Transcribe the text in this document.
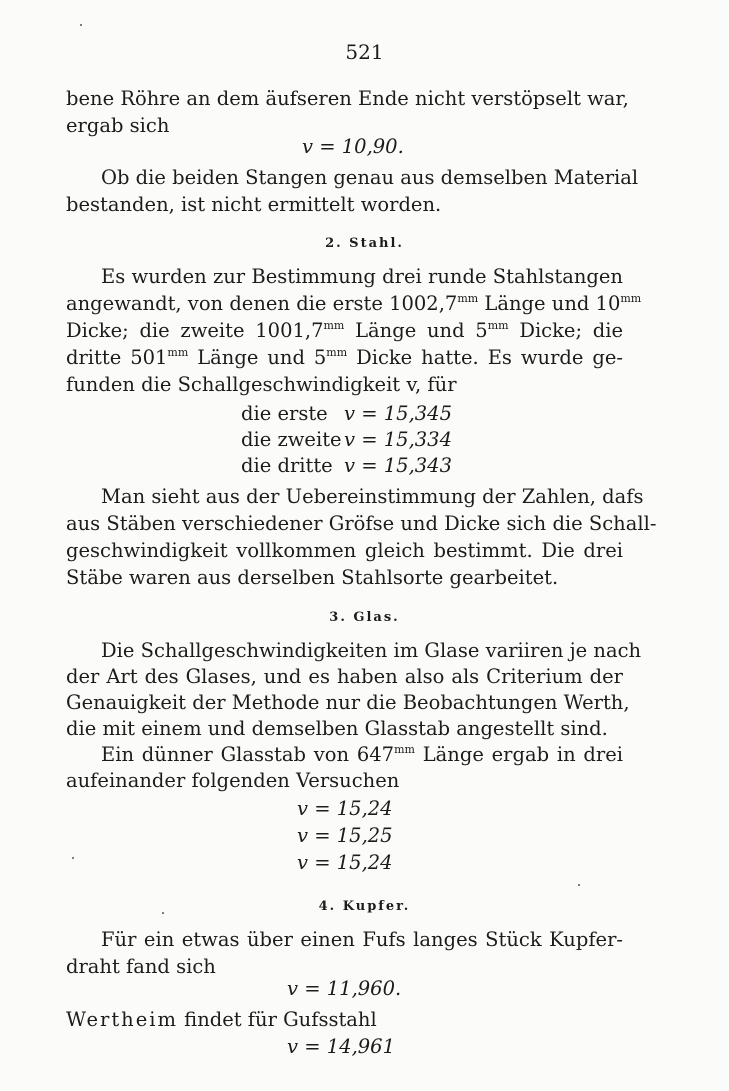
521
bene Röhre an dem äufseren Ende nicht verstöpselt war,
ergab sich
v = 10,90.
Ob die beiden Stangen genau aus demselben Material
bestanden, ist nicht ermittelt worden.
2. Stahl.
Es wurden zur Bestimmung drei runde Stahlstangen
angewandt, von denen die erste $1002,7^{mm}$ Länge und $10^{mm}$
Dicke; die zweite $1001,7^{mm}$ Länge und $5^{mm}$ Dicke; die
dritte $501^{mm}$ Länge und $5^{mm}$ Dicke hatte. Es wurde ge-
funden die Schallgeschwindigkeit v, für
die erste v = 15,345
die zweite v = 15,334
die dritte v = 15,343
Man sieht aus der Uebereinstimmung der Zahlen, dafs
aus Stäben verschiedener Gröfse und Dicke sich die Schall-
geschwindigkeit vollkommen gleich bestimmt. Die drei
Stäbe waren aus derselben Stahlsorte gearbeitet.
3. Glas.
Die Schallgeschwindigkeiten im Glase variiren je nach
der Art des Glases, und es haben also als Criterium der
Genauigkeit der Methode nur die Beobachtungen Werth,
die mit einem und demselben Glasstab angestellt sind.
Ein dünner Glasstab von $647^{mm}$ Länge ergab in drei
aufeinander folgenden Versuchen
v = 15,24
v = 15,25
v = 15,24
4. Kupfer.
Für ein etwas über einen Fufs langes Stück Kupfer-
draht fand sich
v = 11,960.
Wertheim findet für Gufsstahl
v = 14,961
